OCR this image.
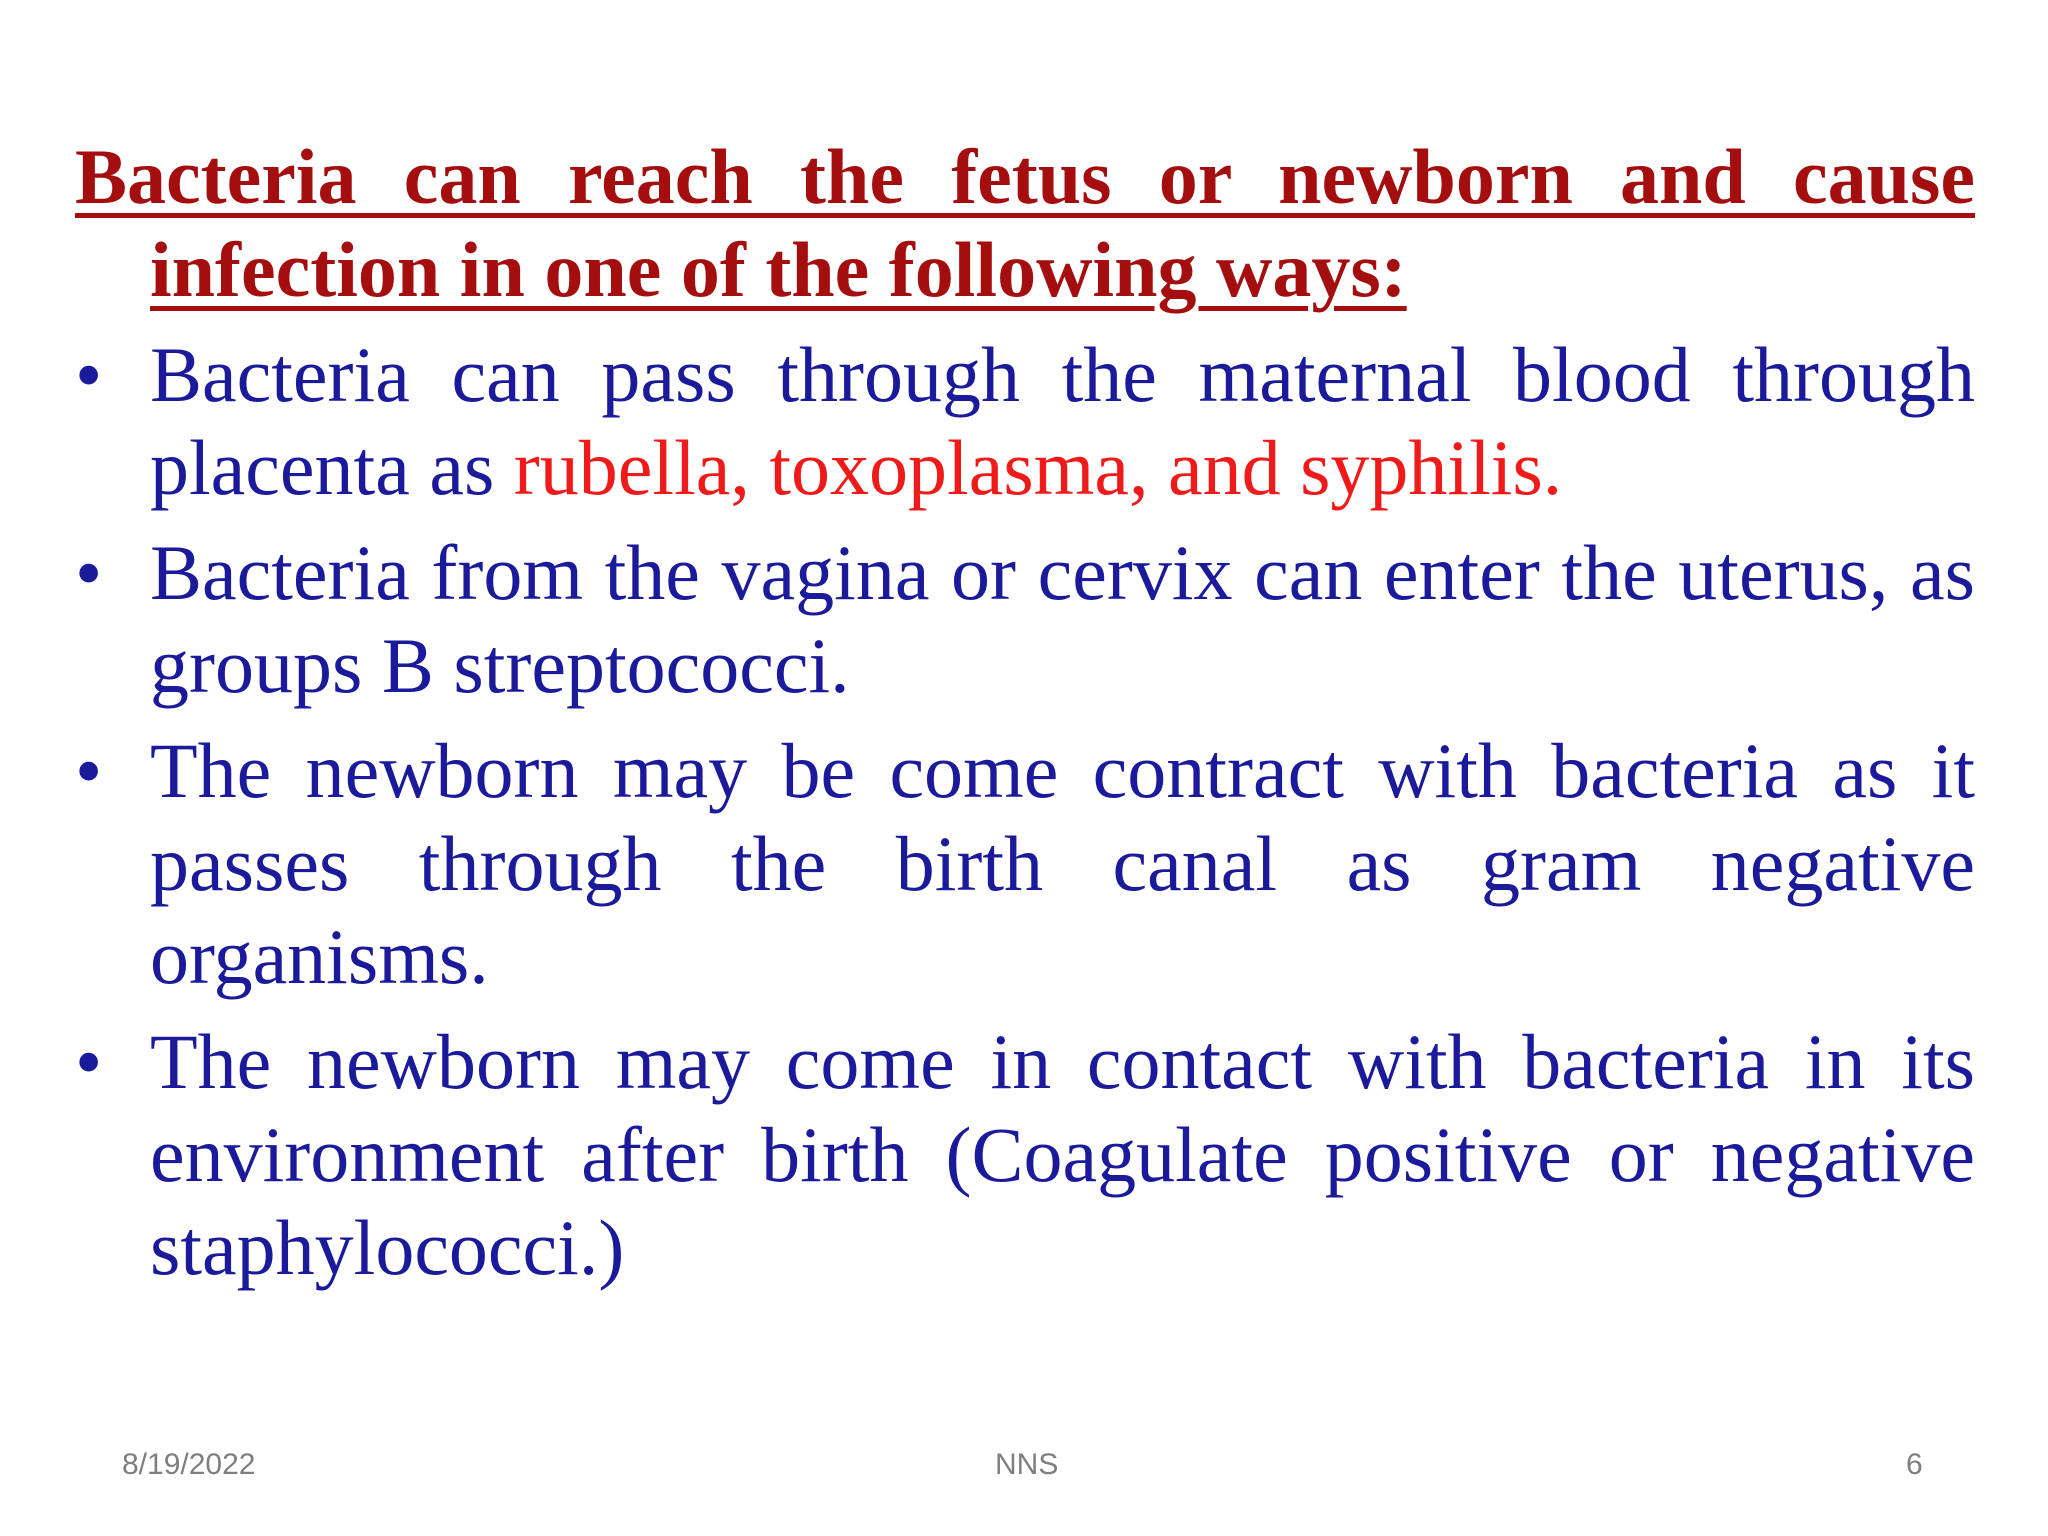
Bacteria can reach the fetus or newborn and cause infection in one of the following ways:
• Bacteria can pass through the maternal blood through placenta as rubella, toxoplasma, and syphilis.
• Bacteria from the vagina or cervix can enter the uterus, as groups B streptococci.
• The newborn may be come contract with bacteria as it passes through the birth canal as gram negative organisms.
• The newborn may come in contact with bacteria in its environment after birth (Coagulate positive or negative staphylococci.)
8/19/2022	NNS	6
